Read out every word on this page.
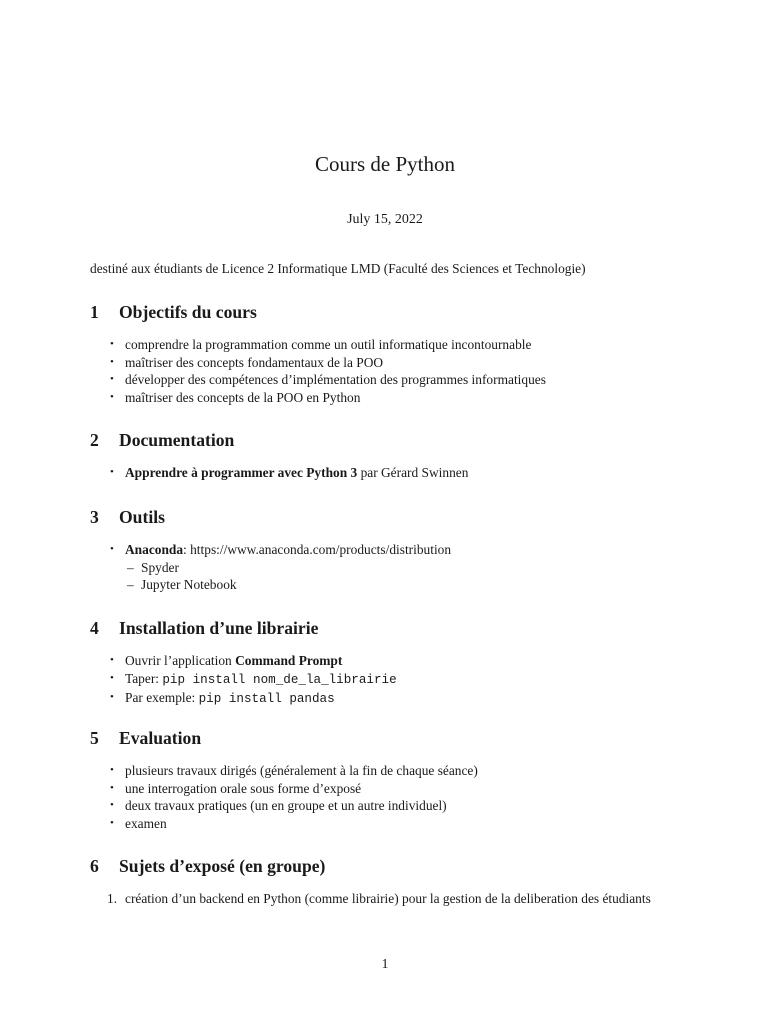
Cours de Python
July 15, 2022
destiné aux étudiants de Licence 2 Informatique LMD (Faculté des Sciences et Technologie)
1 Objectifs du cours
• comprendre la programmation comme un outil informatique incontournable
• maîtriser des concepts fondamentaux de la POO
• développer des compétences d’implémentation des programmes informatiques
• maîtriser des concepts de la POO en Python
2 Documentation
• Apprendre à programmer avec Python 3 par Gérard Swinnen
3 Outils
• Anaconda: https://www.anaconda.com/products/distribution
– Spyder
– Jupyter Notebook
4 Installation d’une librairie
• Ouvrir l’application Command Prompt
• Taper: pip install nom_de_la_librairie
• Par exemple: pip install pandas
5 Evaluation
• plusieurs travaux dirigés (généralement à la fin de chaque séance)
• une interrogation orale sous forme d’exposé
• deux travaux pratiques (un en groupe et un autre individuel)
• examen
6 Sujets d’exposé (en groupe)
1. création d’un backend en Python (comme librairie) pour la gestion de la deliberation des étudiants
1
